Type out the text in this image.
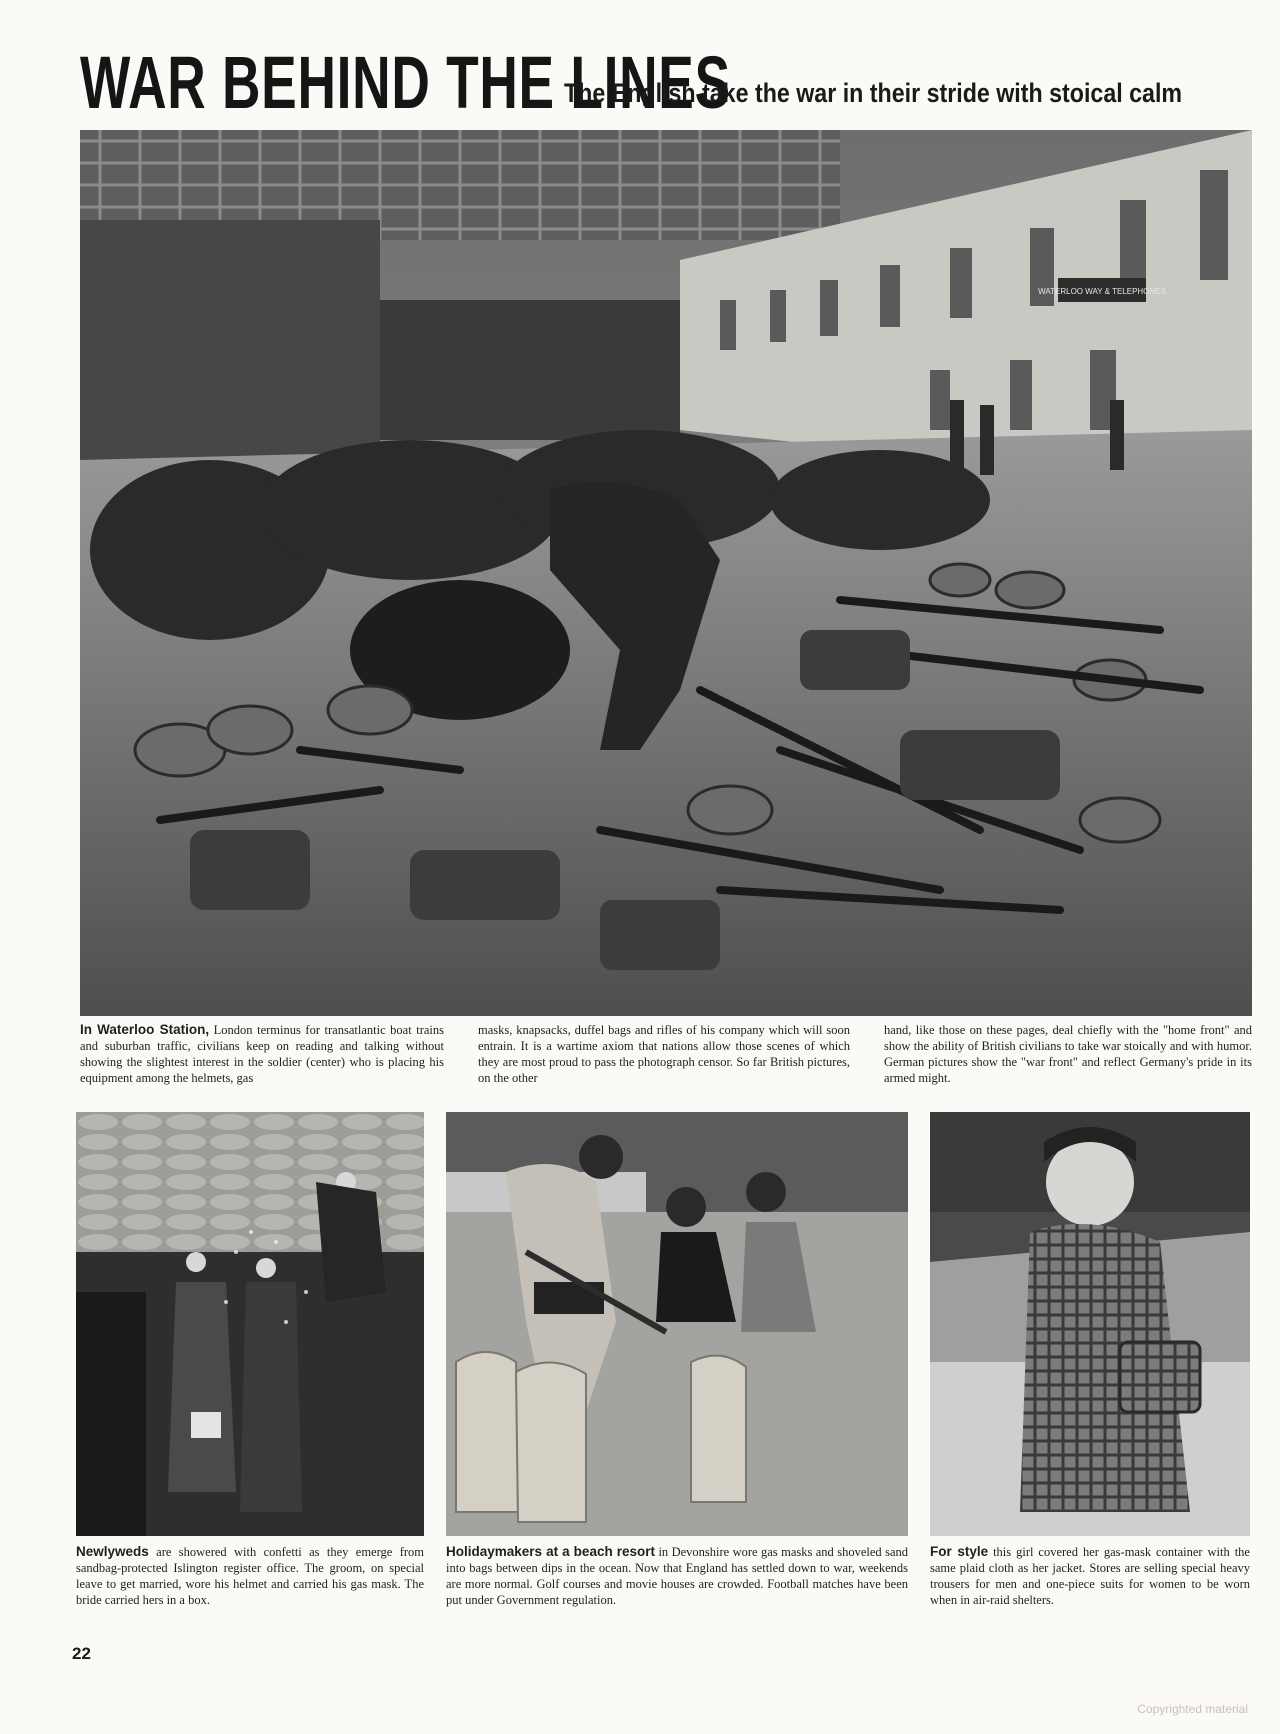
WAR BEHIND THE LINES
The English take the war in their stride with stoical calm
WATERLOO WAY & TELEPHONES
In Waterloo Station, London terminus for transatlantic boat trains and suburban traffic, civilians keep on reading and talking without showing the slightest interest in the soldier (center) who is placing his equipment among the helmets, gas
masks, knapsacks, duffel bags and rifles of his company which will soon entrain. It is a wartime axiom that nations allow those scenes of which they are most proud to pass the photograph censor. So far British pictures, on the other
hand, like those on these pages, deal chiefly with the "home front" and show the ability of British civilians to take war stoically and with humor. German pictures show the "war front" and reflect Germany's pride in its armed might.
Newlyweds are showered with confetti as they emerge from sandbag-protected Islington register office. The groom, on special leave to get married, wore his helmet and carried his gas mask. The bride carried hers in a box.
Holidaymakers at a beach resort in Devonshire wore gas masks and shoveled sand into bags between dips in the ocean. Now that England has settled down to war, weekends are more normal. Golf courses and movie houses are crowded. Football matches have been put under Government regulation.
For style this girl covered her gas-mask container with the same plaid cloth as her jacket. Stores are selling special heavy trousers for men and one-piece suits for women to be worn when in air-raid shelters.
22
Copyrighted material
